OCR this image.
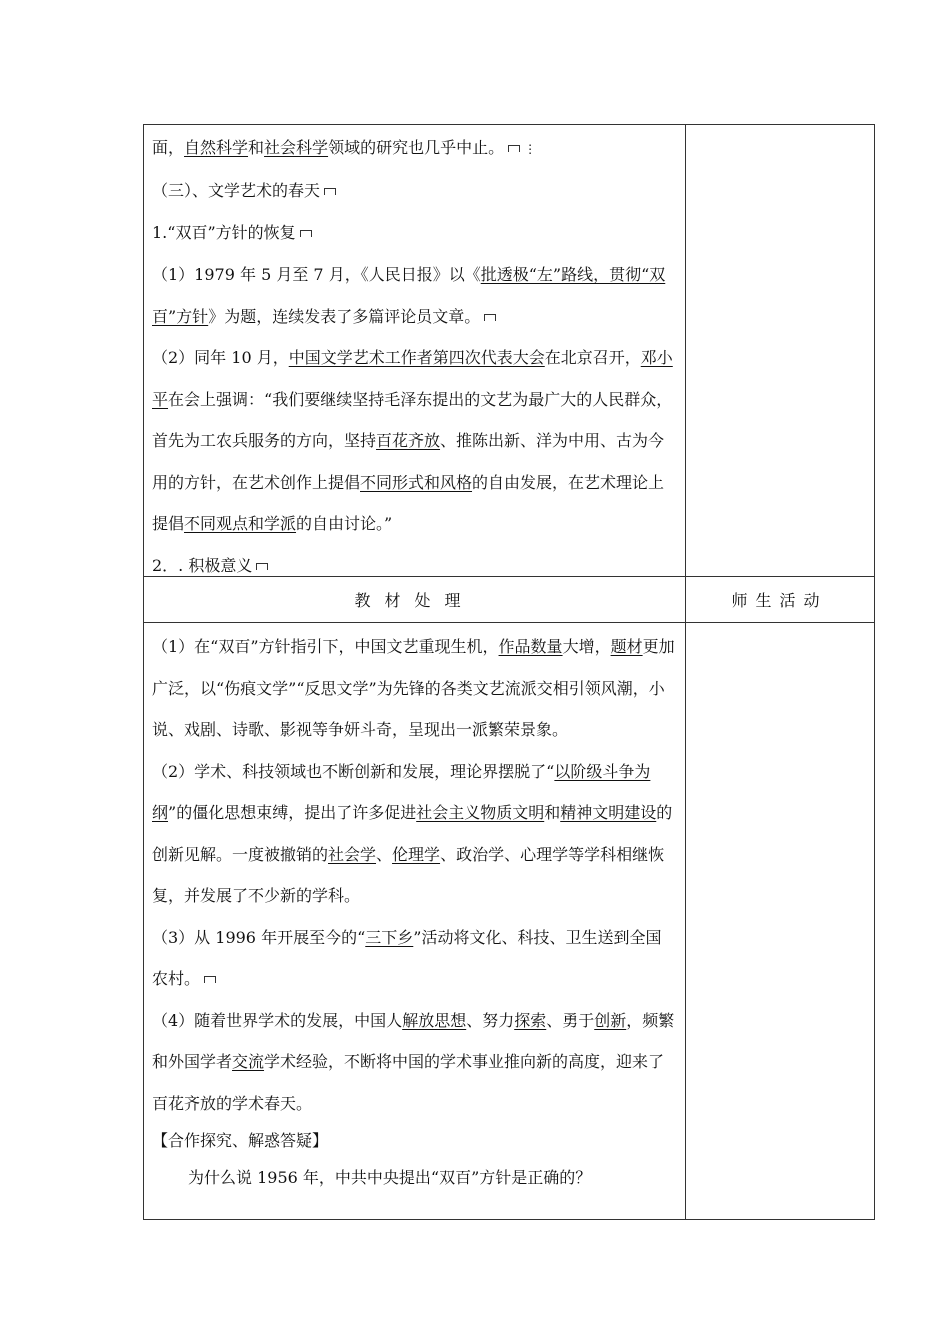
面，自然科学和社会科学领域的研究也几乎中止。 ⋮

（三）、文学艺术的春天

1.“双百”方针的恢复

（1）1979 年 5 月至 7 月，《人民日报》以《批透极“左”路线，贯彻“双百”方针》为题，连续发表了多篇评论员文章。

（2）同年 10 月，中国文学艺术工作者第四次代表大会在北京召开，邓小平在会上强调：“我们要继续坚持毛泽东提出的文艺为最广大的人民群众，首先为工农兵服务的方向，坚持百花齐放、推陈出新、洋为中用、古为今用的方针，在艺术创作上提倡不同形式和风格的自由发展，在艺术理论上提倡不同观点和学派的自由讨论。”

2．. 积极意义

教材处理	师生活动

（1）在“双百”方针指引下，中国文艺重现生机，作品数量大增，题材更加广泛，以“伤痕文学”“反思文学”为先锋的各类文艺流派交相引领风潮，小说、戏剧、诗歌、影视等争妍斗奇，呈现出一派繁荣景象。

（2）学术、科技领域也不断创新和发展，理论界摆脱了“以阶级斗争为纲”的僵化思想束缚，提出了许多促进社会主义物质文明和精神文明建设的创新见解。一度被撤销的社会学、伦理学、政治学、心理学等学科相继恢复，并发展了不少新的学科。

（3）从 1996 年开展至今的“三下乡”活动将文化、科技、卫生送到全国农村。

（4）随着世界学术的发展，中国人解放思想、努力探索、勇于创新，频繁和外国学者交流学术经验，不断将中国的学术事业推向新的高度，迎来了百花齐放的学术春天。

【合作探究、解惑答疑】

为什么说 1956 年，中共中央提出“双百”方针是正确的？
